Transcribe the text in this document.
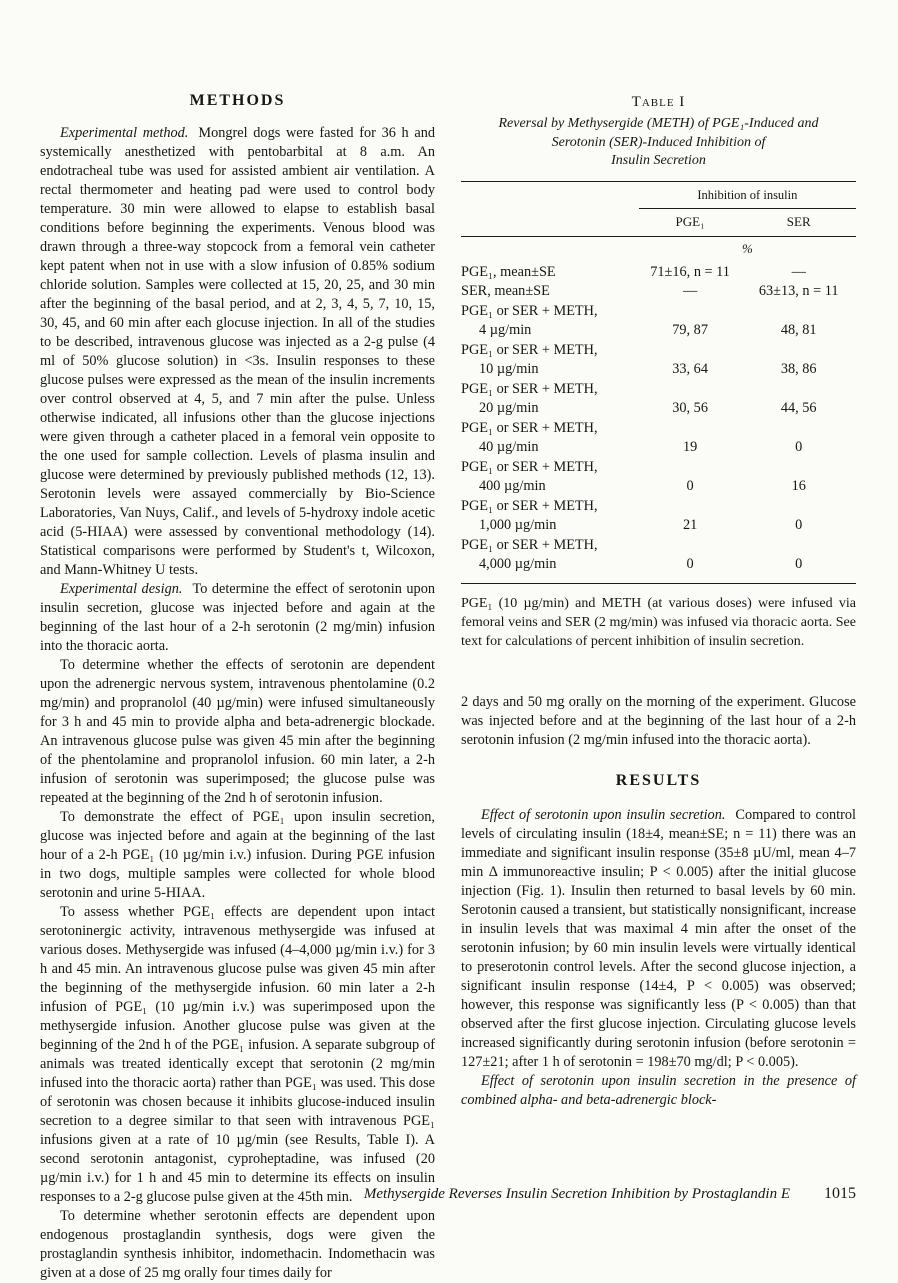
METHODS

Experimental method. Mongrel dogs were fasted for 36 h and systemically anesthetized with pentobarbital at 8 a.m. An endotracheal tube was used for assisted ambient air ventilation. A rectal thermometer and heating pad were used to control body temperature. 30 min were allowed to elapse to establish basal conditions before beginning the experiments. Venous blood was drawn through a three-way stopcock from a femoral vein catheter kept patent when not in use with a slow infusion of 0.85% sodium chloride solution. Samples were collected at 15, 20, 25, and 30 min after the beginning of the basal period, and at 2, 3, 4, 5, 7, 10, 15, 30, 45, and 60 min after each glocuse injection. In all of the studies to be described, intravenous glucose was injected as a 2-g pulse (4 ml of 50% glucose solution) in <3s. Insulin responses to these glucose pulses were expressed as the mean of the insulin increments over control observed at 4, 5, and 7 min after the pulse. Unless otherwise indicated, all infusions other than the glucose injections were given through a catheter placed in a femoral vein opposite to the one used for sample collection. Levels of plasma insulin and glucose were determined by previously published methods (12, 13). Serotonin levels were assayed commercially by Bio-Science Laboratories, Van Nuys, Calif., and levels of 5-hydroxy indole acetic acid (5-HIAA) were assessed by conventional methodology (14). Statistical comparisons were performed by Student's t, Wilcoxon, and Mann-Whitney U tests.

Experimental design. To determine the effect of serotonin upon insulin secretion, glucose was injected before and again at the beginning of the last hour of a 2-h serotonin (2 mg/min) infusion into the thoracic aorta.

To determine whether the effects of serotonin are dependent upon the adrenergic nervous system, intravenous phentolamine (0.2 mg/min) and propranolol (40 µg/min) were infused simultaneously for 3 h and 45 min to provide alpha and beta-adrenergic blockade. An intravenous glucose pulse was given 45 min after the beginning of the phentolamine and propranolol infusion. 60 min later, a 2-h infusion of serotonin was superimposed; the glucose pulse was repeated at the beginning of the 2nd h of serotonin infusion.

To demonstrate the effect of PGE₁ upon insulin secretion, glucose was injected before and again at the beginning of the last hour of a 2-h PGE₁ (10 µg/min i.v.) infusion. During PGE infusion in two dogs, multiple samples were collected for whole blood serotonin and urine 5-HIAA.

To assess whether PGE₁ effects are dependent upon intact serotoninergic activity, intravenous methysergide was infused at various doses. Methysergide was infused (4–4,000 µg/min i.v.) for 3 h and 45 min. An intravenous glucose pulse was given 45 min after the beginning of the methysergide infusion. 60 min later a 2-h infusion of PGE₁ (10 µg/min i.v.) was superimposed upon the methysergide infusion. Another glucose pulse was given at the beginning of the 2nd h of the PGE₁ infusion. A separate subgroup of animals was treated identically except that serotonin (2 mg/min infused into the thoracic aorta) rather than PGE₁ was used. This dose of serotonin was chosen because it inhibits glucose-induced insulin secretion to a degree similar to that seen with intravenous PGE₁ infusions given at a rate of 10 µg/min (see Results, Table I). A second serotonin antagonist, cyproheptadine, was infused (20 µg/min i.v.) for 1 h and 45 min to determine its effects on insulin responses to a 2-g glucose pulse given at the 45th min.

To determine whether serotonin effects are dependent upon endogenous prostaglandin synthesis, dogs were given the prostaglandin synthesis inhibitor, indomethacin. Indomethacin was given at a dose of 25 mg orally four times daily for

Table I
Reversal by Methysergide (METH) of PGE₁-Induced and
Serotonin (SER)-Induced Inhibition of
Insulin Secretion
Inhibition of insulin
PGE₁	SER
%
PGE₁, mean±SE	71±16, n = 11	—
SER, mean±SE	—	63±13, n = 11
PGE₁ or SER + METH,
4 µg/min	79, 87	48, 81
PGE₁ or SER + METH,
10 µg/min	33, 64	38, 86
PGE₁ or SER + METH,
20 µg/min	30, 56	44, 56
PGE₁ or SER + METH,
40 µg/min	19	0
PGE₁ or SER + METH,
400 µg/min	0	16
PGE₁ or SER + METH,
1,000 µg/min	21	0
PGE₁ or SER + METH,
4,000 µg/min	0	0
PGE₁ (10 µg/min) and METH (at various doses) were infused via femoral veins and SER (2 mg/min) was infused via thoracic aorta. See text for calculations of percent inhibition of insulin secretion.

2 days and 50 mg orally on the morning of the experiment. Glucose was injected before and at the beginning of the last hour of a 2-h serotonin infusion (2 mg/min infused into the thoracic aorta).

RESULTS

Effect of serotonin upon insulin secretion. Compared to control levels of circulating insulin (18±4, mean±SE; n = 11) there was an immediate and significant insulin response (35±8 µU/ml, mean 4–7 min Δ immunoreactive insulin; P < 0.005) after the initial glucose injection (Fig. 1). Insulin then returned to basal levels by 60 min. Serotonin caused a transient, but statistically nonsignificant, increase in insulin levels that was maximal 4 min after the onset of the serotonin infusion; by 60 min insulin levels were virtually identical to preserotonin control levels. After the second glucose injection, a significant insulin response (14±4, P < 0.005) was observed; however, this response was significantly less (P < 0.005) than that observed after the first glucose injection. Circulating glucose levels increased significantly during serotonin infusion (before serotonin = 127±21; after 1 h of serotonin = 198±70 mg/dl; P < 0.005).

Effect of serotonin upon insulin secretion in the presence of combined alpha- and beta-adrenergic block-

Methysergide Reverses Insulin Secretion Inhibition by Prostaglandin E 1015
